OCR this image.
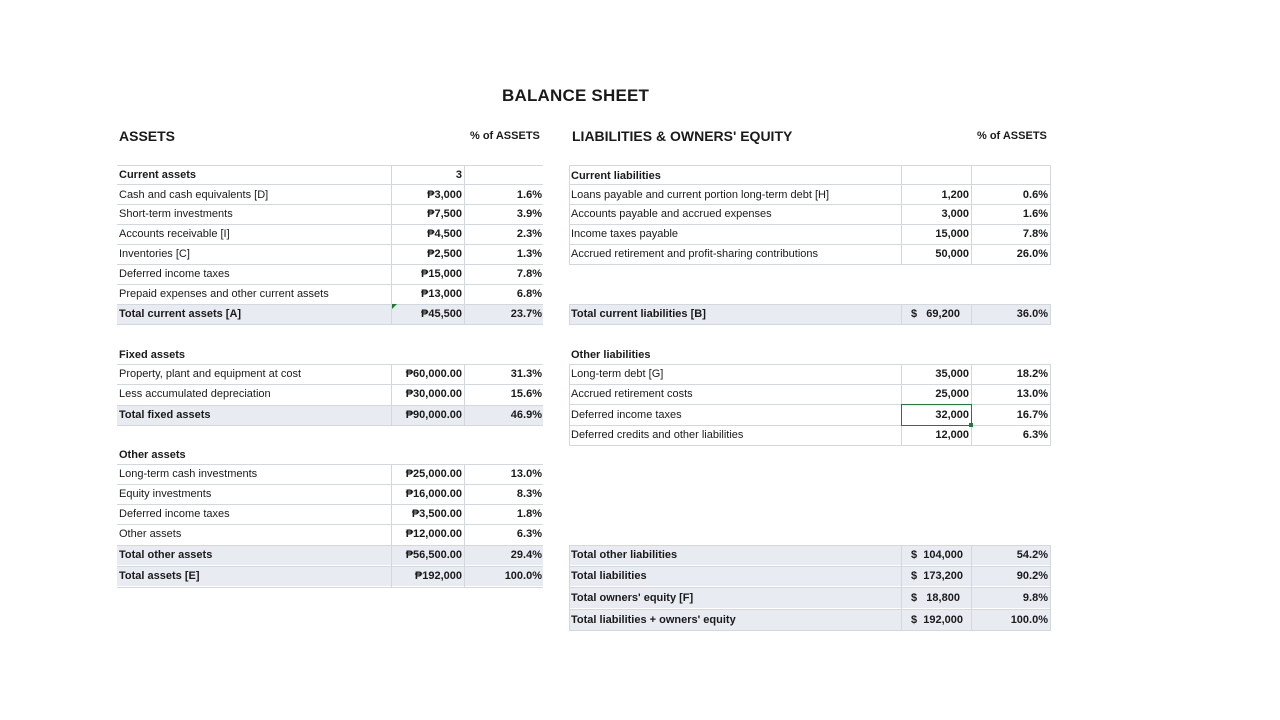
BALANCE SHEET
ASSETS	% of ASSETS LIABILITIES & OWNERS' EQUITY	% of ASSETS
Current assets	3
Cash and cash equivalents [D]	₱3,000	1.6%
Short-term investments	₱7,500	3.9%
Accounts receivable [I]	₱4,500	2.3%
Inventories [C]	₱2,500	1.3%
Deferred income taxes	₱15,000	7.8%
Prepaid expenses and other current assets	₱13,000	6.8%
Total current assets [A]	₱45,500	23.7%
Fixed assets
Property, plant and equipment at cost	₱60,000.00	31.3%
Less accumulated depreciation	₱30,000.00	15.6%
Total fixed assets	₱90,000.00	46.9%
Other assets
Long-term cash investments	₱25,000.00	13.0%
Equity investments	₱16,000.00	8.3%
Deferred income taxes	₱3,500.00	1.8%
Other assets	₱12,000.00	6.3%
Total other assets	₱56,500.00	29.4%
Total assets [E]	₱192,000	100.0%
Current liabilities
Loans payable and current portion long-term debt [H]	1,200	0.6%
Accounts payable and accrued expenses	3,000	1.6%
Income taxes payable	15,000	7.8%
Accrued retirement and profit-sharing contributions	50,000	26.0%
Total current liabilities [B]	$   69,200	36.0%
Other liabilities
Long-term debt [G]	35,000	18.2%
Accrued retirement costs	25,000	13.0%
Deferred income taxes	32,000	16.7%
Deferred credits and other liabilities	12,000	6.3%
Total other liabilities	$  104,000	54.2%
Total liabilities	$  173,200	90.2%
Total owners' equity [F]	$   18,800	9.8%
Total liabilities + owners' equity	$  192,000	100.0%
